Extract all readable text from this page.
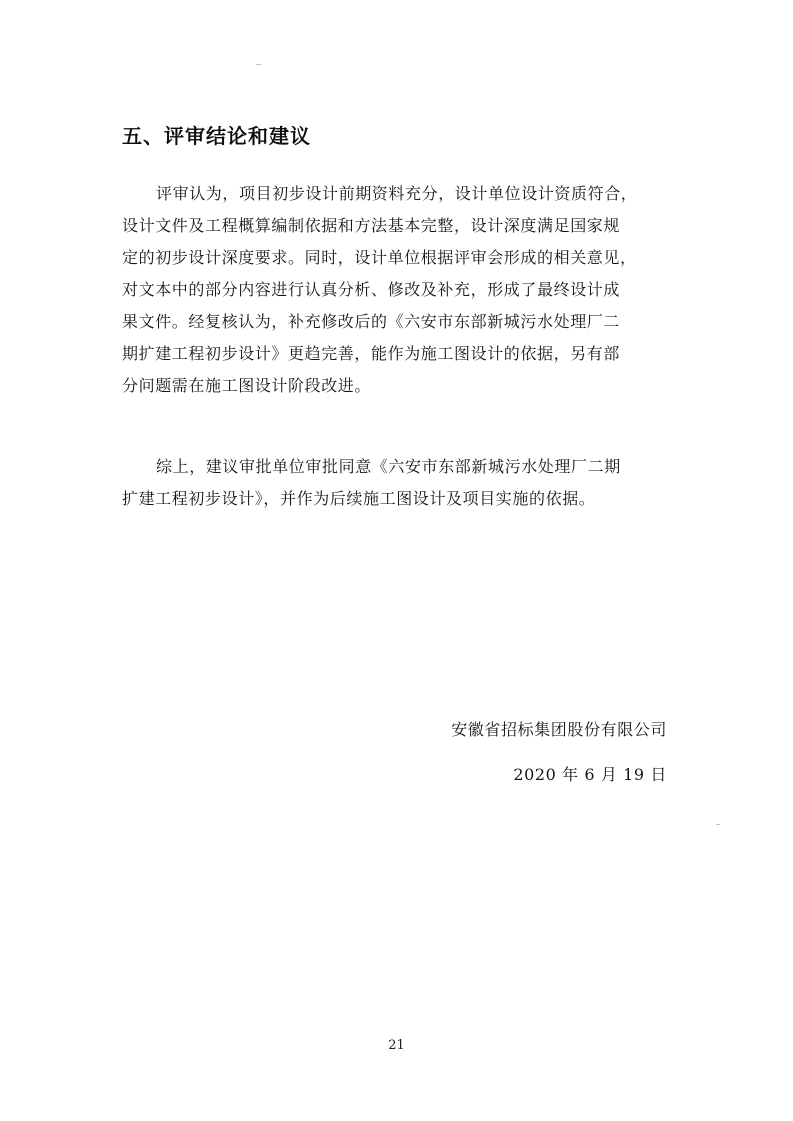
五、评审结论和建议
评审认为，项目初步设计前期资料充分，设计单位设计资质符合，
设计文件及工程概算编制依据和方法基本完整，设计深度满足国家规
定的初步设计深度要求。同时，设计单位根据评审会形成的相关意见，
对文本中的部分内容进行认真分析、修改及补充，形成了最终设计成
果文件。经复核认为，补充修改后的《六安市东部新城污水处理厂二
期扩建工程初步设计》更趋完善，能作为施工图设计的依据，另有部
分问题需在施工图设计阶段改进。
综上，建议审批单位审批同意《六安市东部新城污水处理厂二期
扩建工程初步设计》，并作为后续施工图设计及项目实施的依据。
安徽省招标集团股份有限公司
2020 年 6 月 19 日
21
